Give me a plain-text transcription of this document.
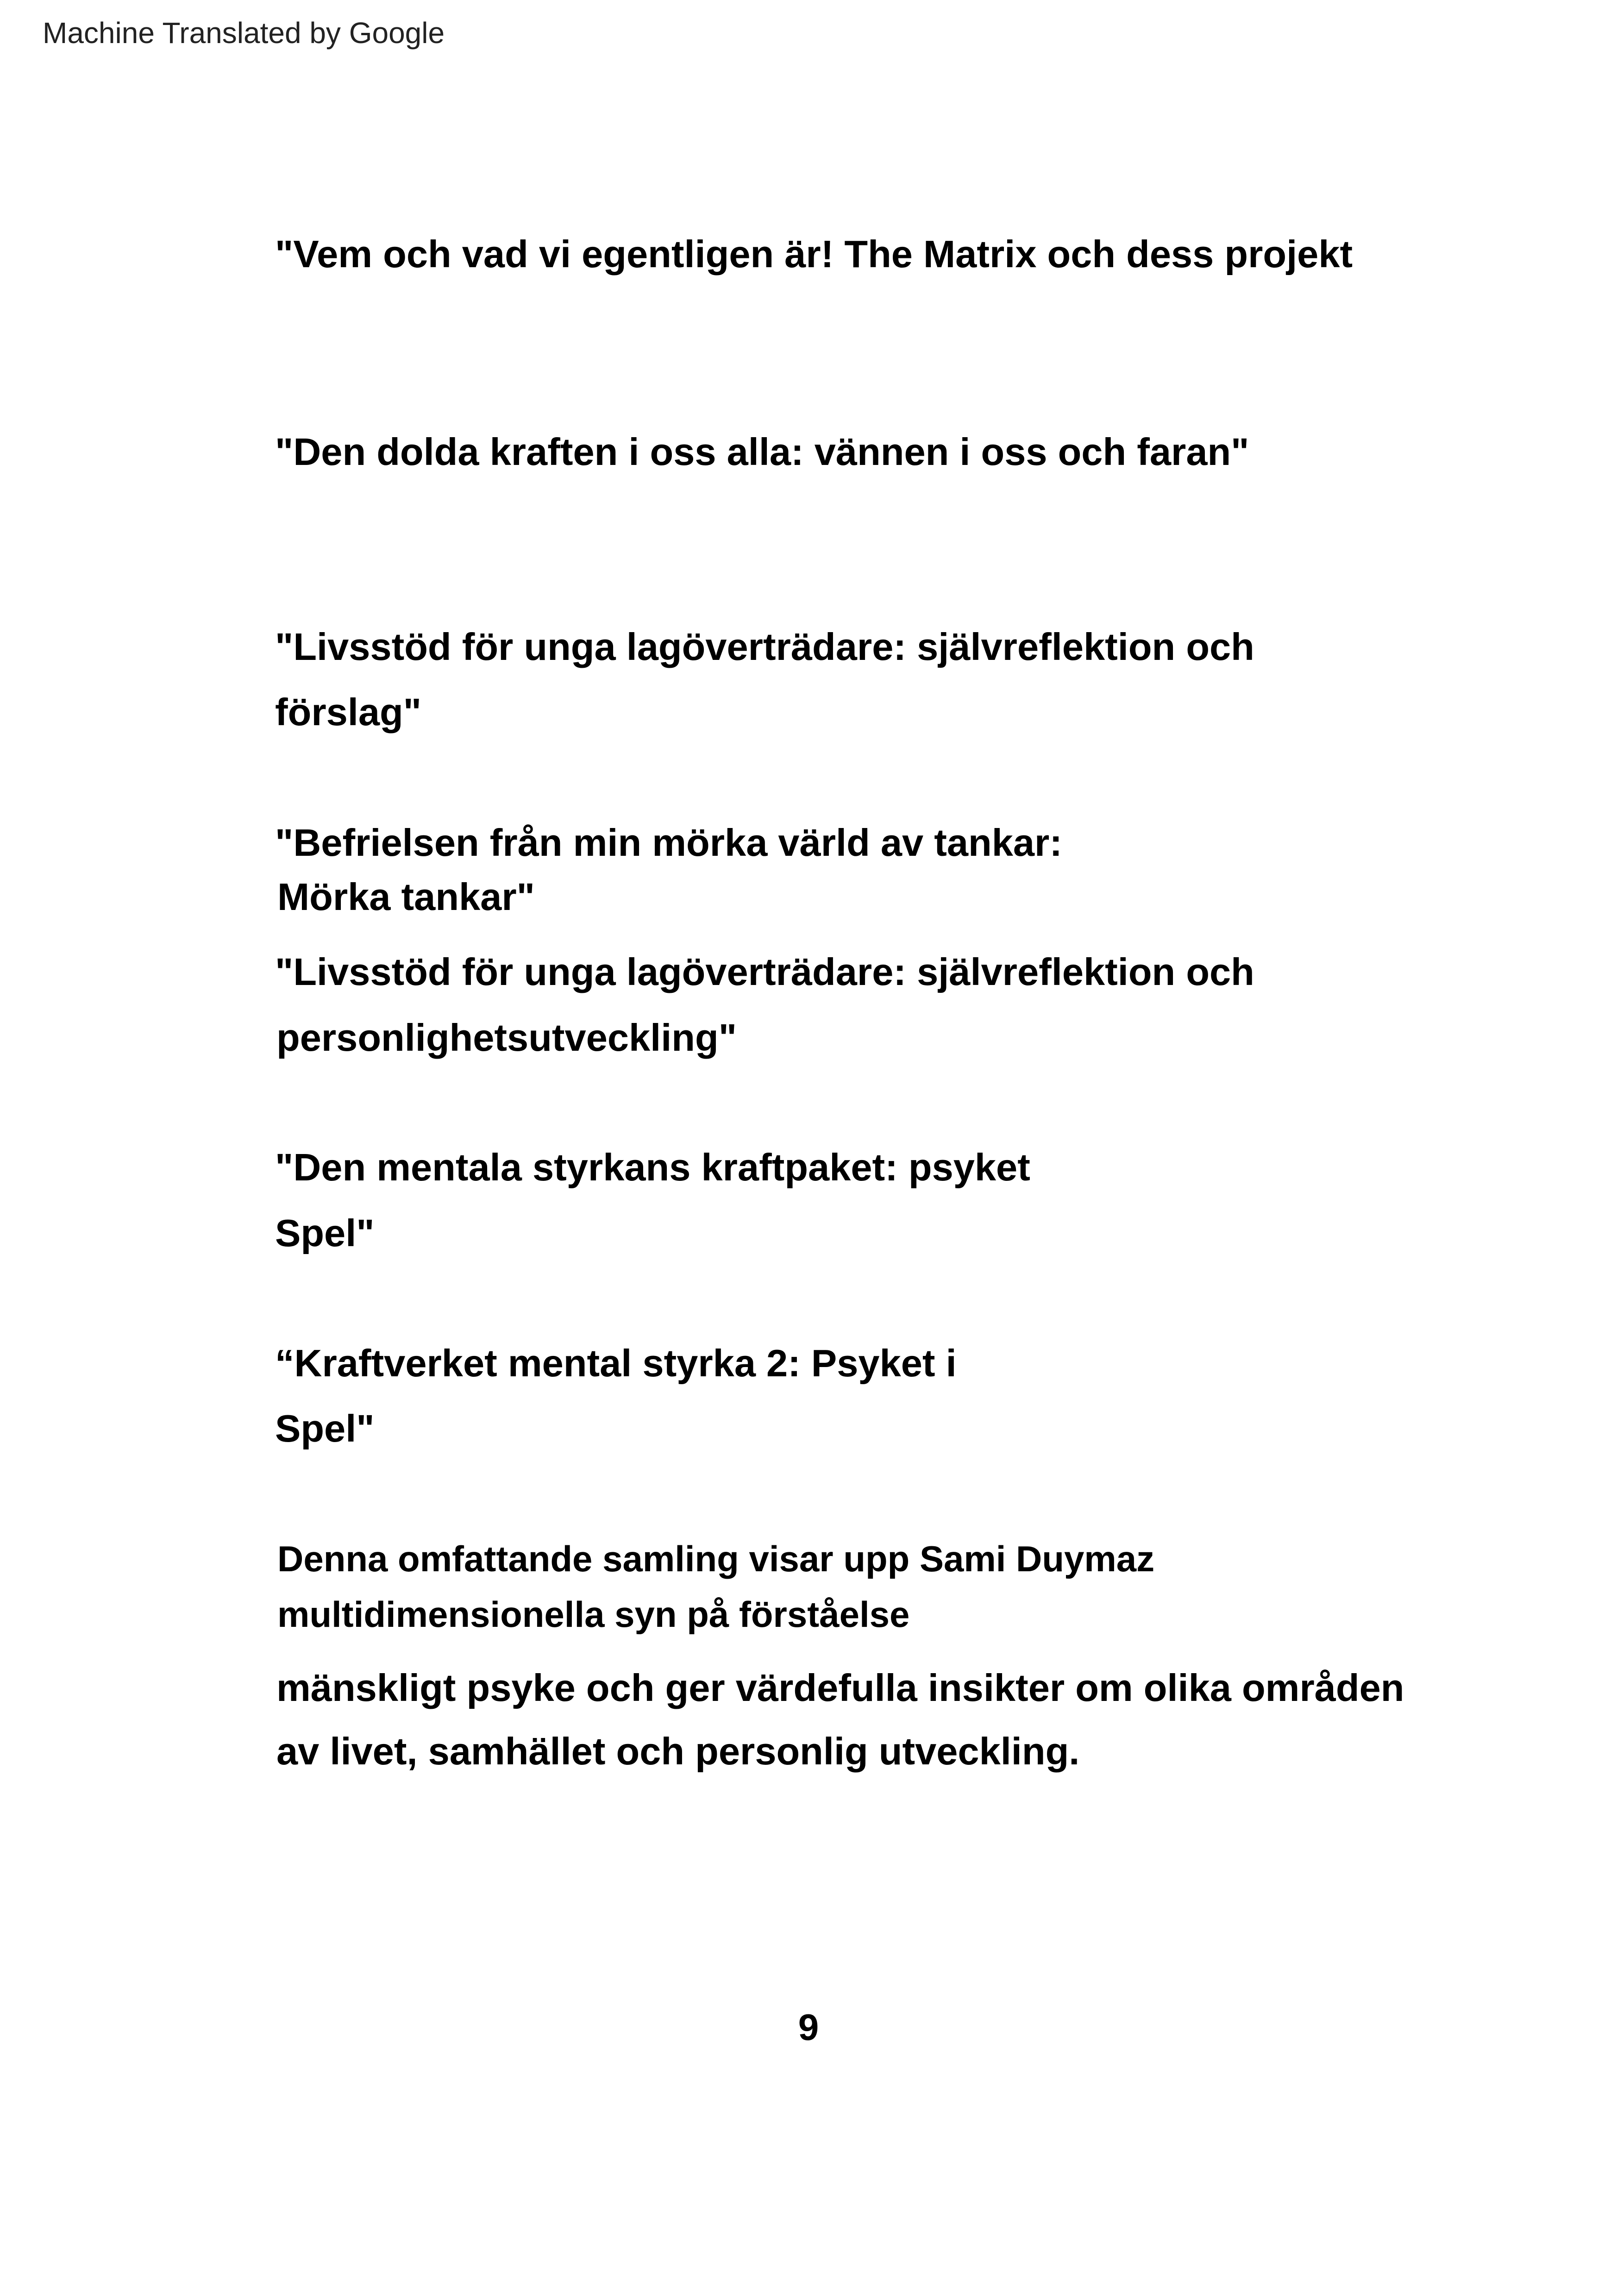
Machine Translated by Google
"Vem och vad vi egentligen är! The Matrix och dess projekt
"Den dolda kraften i oss alla: vännen i oss och faran"
"Livsstöd för unga lagöverträdare: självreflektion och
förslag"
"Befrielsen från min mörka värld av tankar:
Mörka tankar"
"Livsstöd för unga lagöverträdare: självreflektion och
personlighetsutveckling"
"Den mentala styrkans kraftpaket: psyket
Spel"
“Kraftverket mental styrka 2: Psyket i
Spel"
Denna omfattande samling visar upp Sami Duymaz
multidimensionella syn på förståelse
mänskligt psyke och ger värdefulla insikter om olika områden
av livet, samhället och personlig utveckling.
9
